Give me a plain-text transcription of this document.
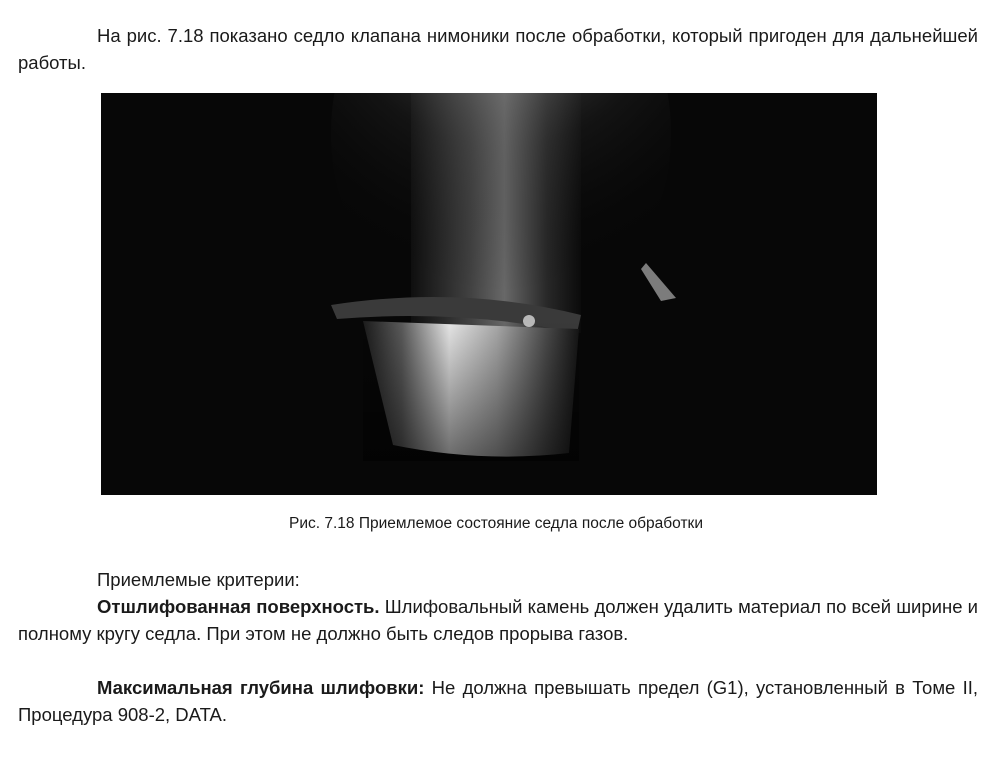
На рис. 7.18 показано седло клапана нимоники после обработки, который пригоден для дальнейшей работы.

Рис. 7.18 Приемлемое состояние седла после обработки

Приемлемые критерии:

Отшлифованная поверхность. Шлифовальный камень должен удалить материал по всей ширине и полному кругу седла. При этом не должно быть следов прорыва газов.

Максимальная глубина шлифовки: Не должна превышать предел (G1), установленный в Томе II, Процедура 908-2, DATA.
